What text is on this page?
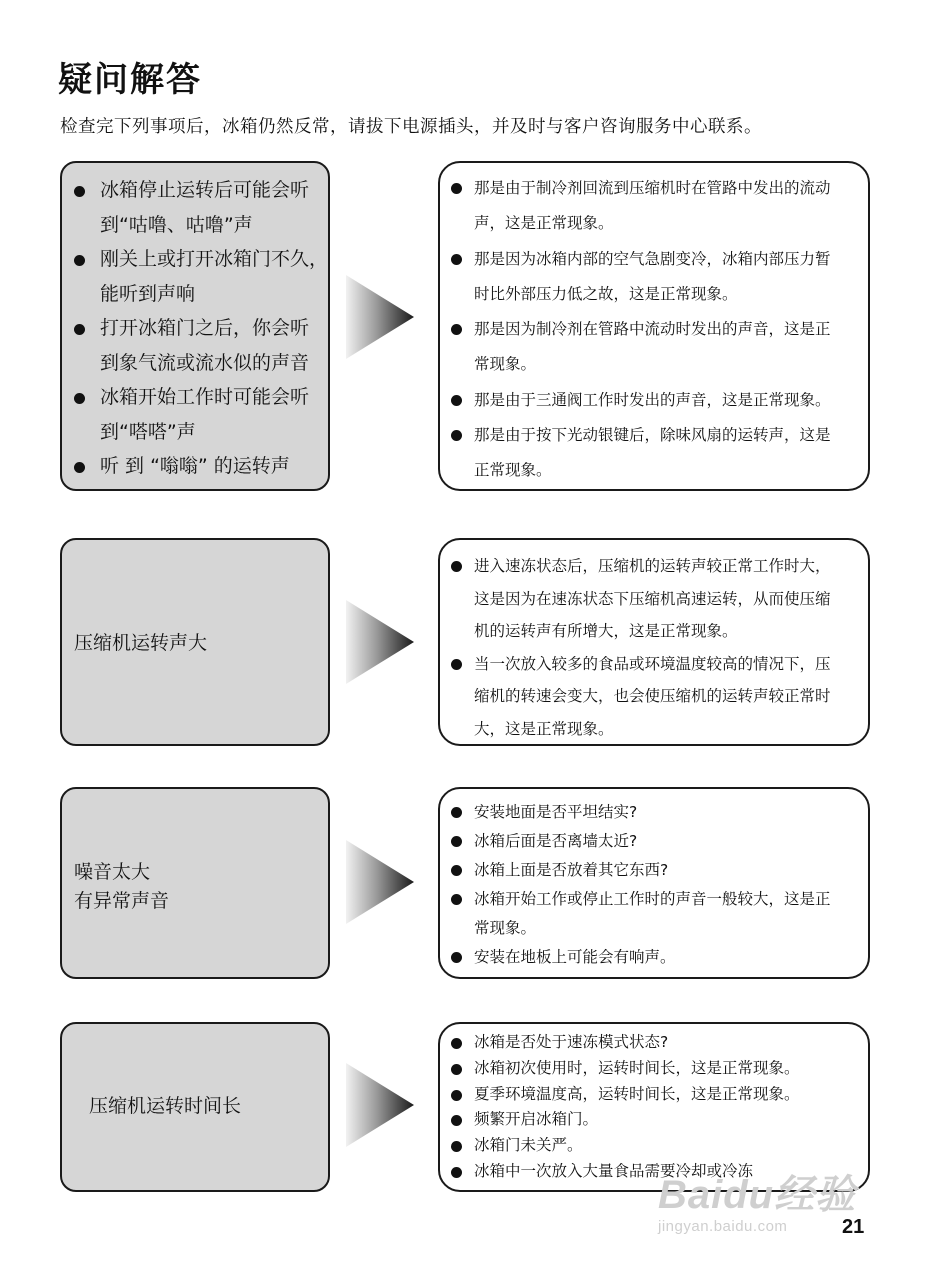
疑问解答
检查完下列事项后，冰箱仍然反常，请拔下电源插头，并及时与客户咨询服务中心联系。
冰箱停止运转后可能会听
到“咕噜、咕噜”声
刚关上或打开冰箱门不久，
能听到声响
打开冰箱门之后，你会听
到象气流或流水似的声音
冰箱开始工作时可能会听
到“嗒嗒”声
听 到 “嗡嗡” 的运转声
那是由于制冷剂回流到压缩机时在管路中发出的流动
声，这是正常现象。
那是因为冰箱内部的空气急剧变冷，冰箱内部压力暂
时比外部压力低之故，这是正常现象。
那是因为制冷剂在管路中流动时发出的声音，这是正
常现象。
那是由于三通阀工作时发出的声音，这是正常现象。
那是由于按下光动银键后，除味风扇的运转声，这是
正常现象。
压缩机运转声大
进入速冻状态后，压缩机的运转声较正常工作时大，
这是因为在速冻状态下压缩机高速运转，从而使压缩
机的运转声有所增大，这是正常现象。
当一次放入较多的食品或环境温度较高的情况下，压
缩机的转速会变大，也会使压缩机的运转声较正常时
大，这是正常现象。
噪音太大
有异常声音
安装地面是否平坦结实?
冰箱后面是否离墙太近?
冰箱上面是否放着其它东西?
冰箱开始工作或停止工作时的声音一般较大，这是正
常现象。
安装在地板上可能会有响声。
压缩机运转时间长
冰箱是否处于速冻模式状态?
冰箱初次使用时，运转时间长，这是正常现象。
夏季环境温度高，运转时间长，这是正常现象。
频繁开启冰箱门。
冰箱门未关严。
冰箱中一次放入大量食品需要冷却或冷冻
Baidu经验
jingyan.baidu.com	21
